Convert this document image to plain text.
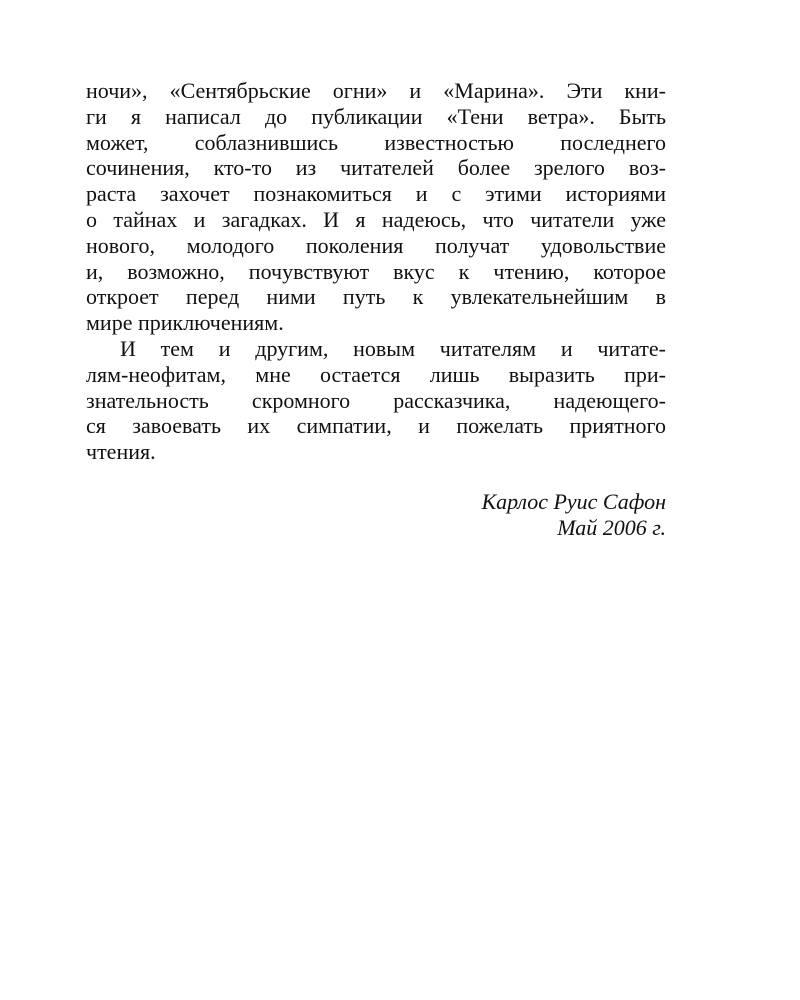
ночи», «Сентябрьские огни» и «Марина». Эти кни-
ги я написал до публикации «Тени ветра». Быть
может, соблазнившись известностью последнего
сочинения, кто-то из читателей более зрелого воз-
раста захочет познакомиться и с этими историями
о тайнах и загадках. И я надеюсь, что читатели уже
нового, молодого поколения получат удовольствие
и, возможно, почувствуют вкус к чтению, которое
откроет перед ними путь к увлекательнейшим в
мире приключениям.
И тем и другим, новым читателям и читате-
лям-неофитам, мне остается лишь выразить при-
знательность скромного рассказчика, надеющего-
ся завоевать их симпатии, и пожелать приятного
чтения.
Карлос Руис Сафон
Май 2006 г.
